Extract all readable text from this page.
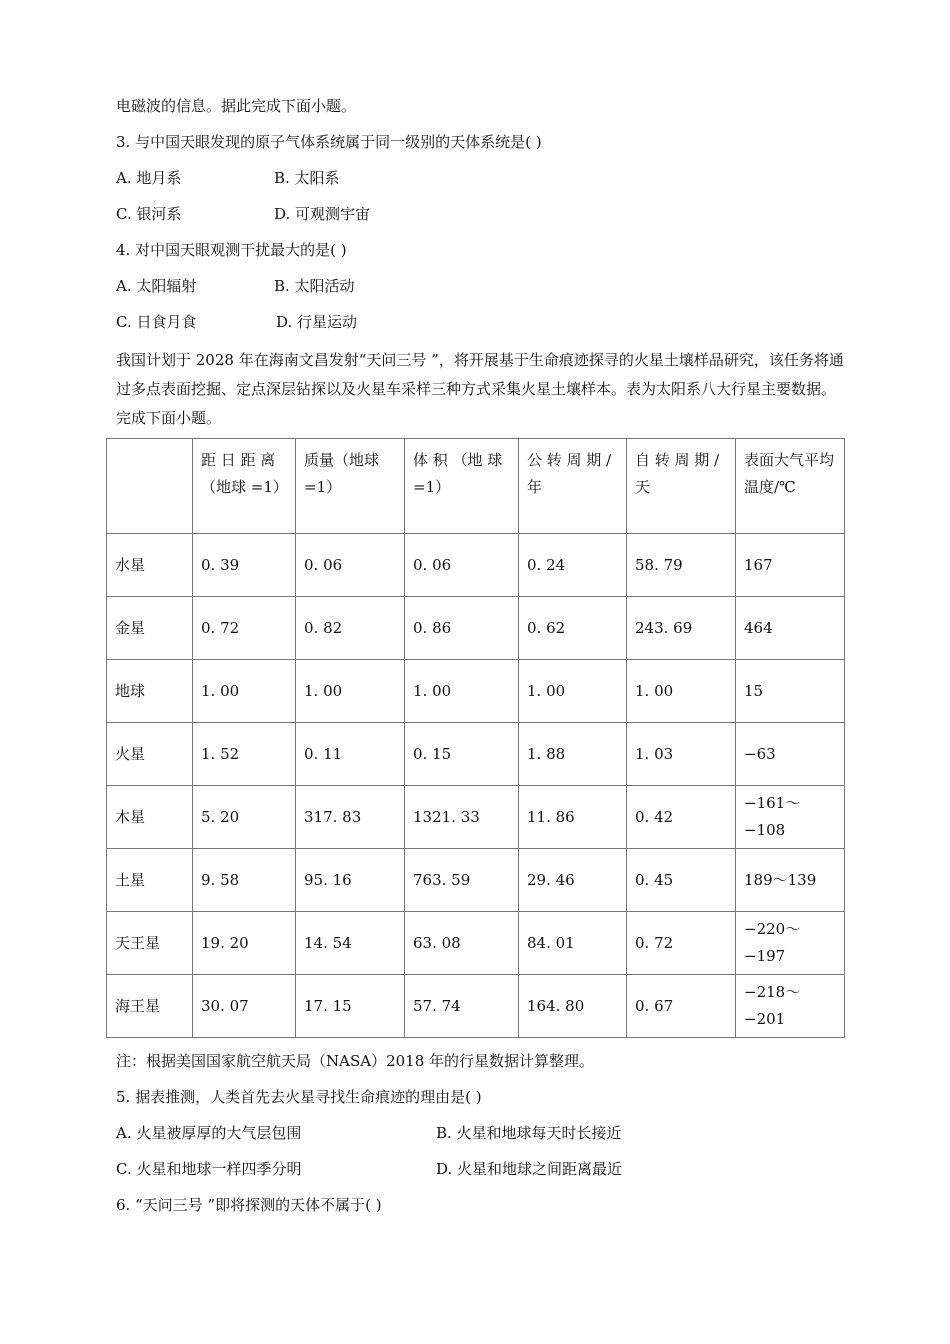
电磁波的信息。据此完成下面小题。
3. 与中国天眼发现的原子气体系统属于同一级别的天体系统是( )
A. 地月系	B. 太阳系
C. 银河系	D. 可观测宇宙
4. 对中国天眼观测干扰最大的是( )
A. 太阳辐射	B. 太阳活动
C. 日食月食	D. 行星运动
我国计划于 2028 年在海南文昌发射“天问三号 ”，将开展基于生命痕迹探寻的火星土壤样品研究，该任务将通过多点表面挖掘、定点深层钻探以及火星车采样三种方式采集火星土壤样本。表为太阳系八大行星主要数据。完成下面小题。
	距 日 距 离（地球 =1）	质量（地球 =1）	体 积 （地 球 =1）	公 转 周 期 /年	自 转 周 期 /天	表面大气平均温度/℃
水星	0. 39	0. 06	0. 06	0. 24	58. 79	167
金星	0. 72	0. 82	0. 86	0. 62	243. 69	464
地球	1. 00	1. 00	1. 00	1. 00	1. 00	15
火星	1. 52	0. 11	0. 15	1. 88	1. 03	−63
木星	5. 20	317. 83	1321. 33	11. 86	0. 42	−161～−108
土星	9. 58	95. 16	763. 59	29. 46	0. 45	189～139
天王星	19. 20	14. 54	63. 08	84. 01	0. 72	−220～−197
海王星	30. 07	17. 15	57. 74	164. 80	0. 67	−218～−201
注：根据美国国家航空航天局（NASA）2018 年的行星数据计算整理。
5. 据表推测，人类首先去火星寻找生命痕迹的理由是( )
A. 火星被厚厚的大气层包围	B. 火星和地球每天时长接近
C. 火星和地球一样四季分明	D. 火星和地球之间距离最近
6. “天问三号 ”即将探测的天体不属于( )
